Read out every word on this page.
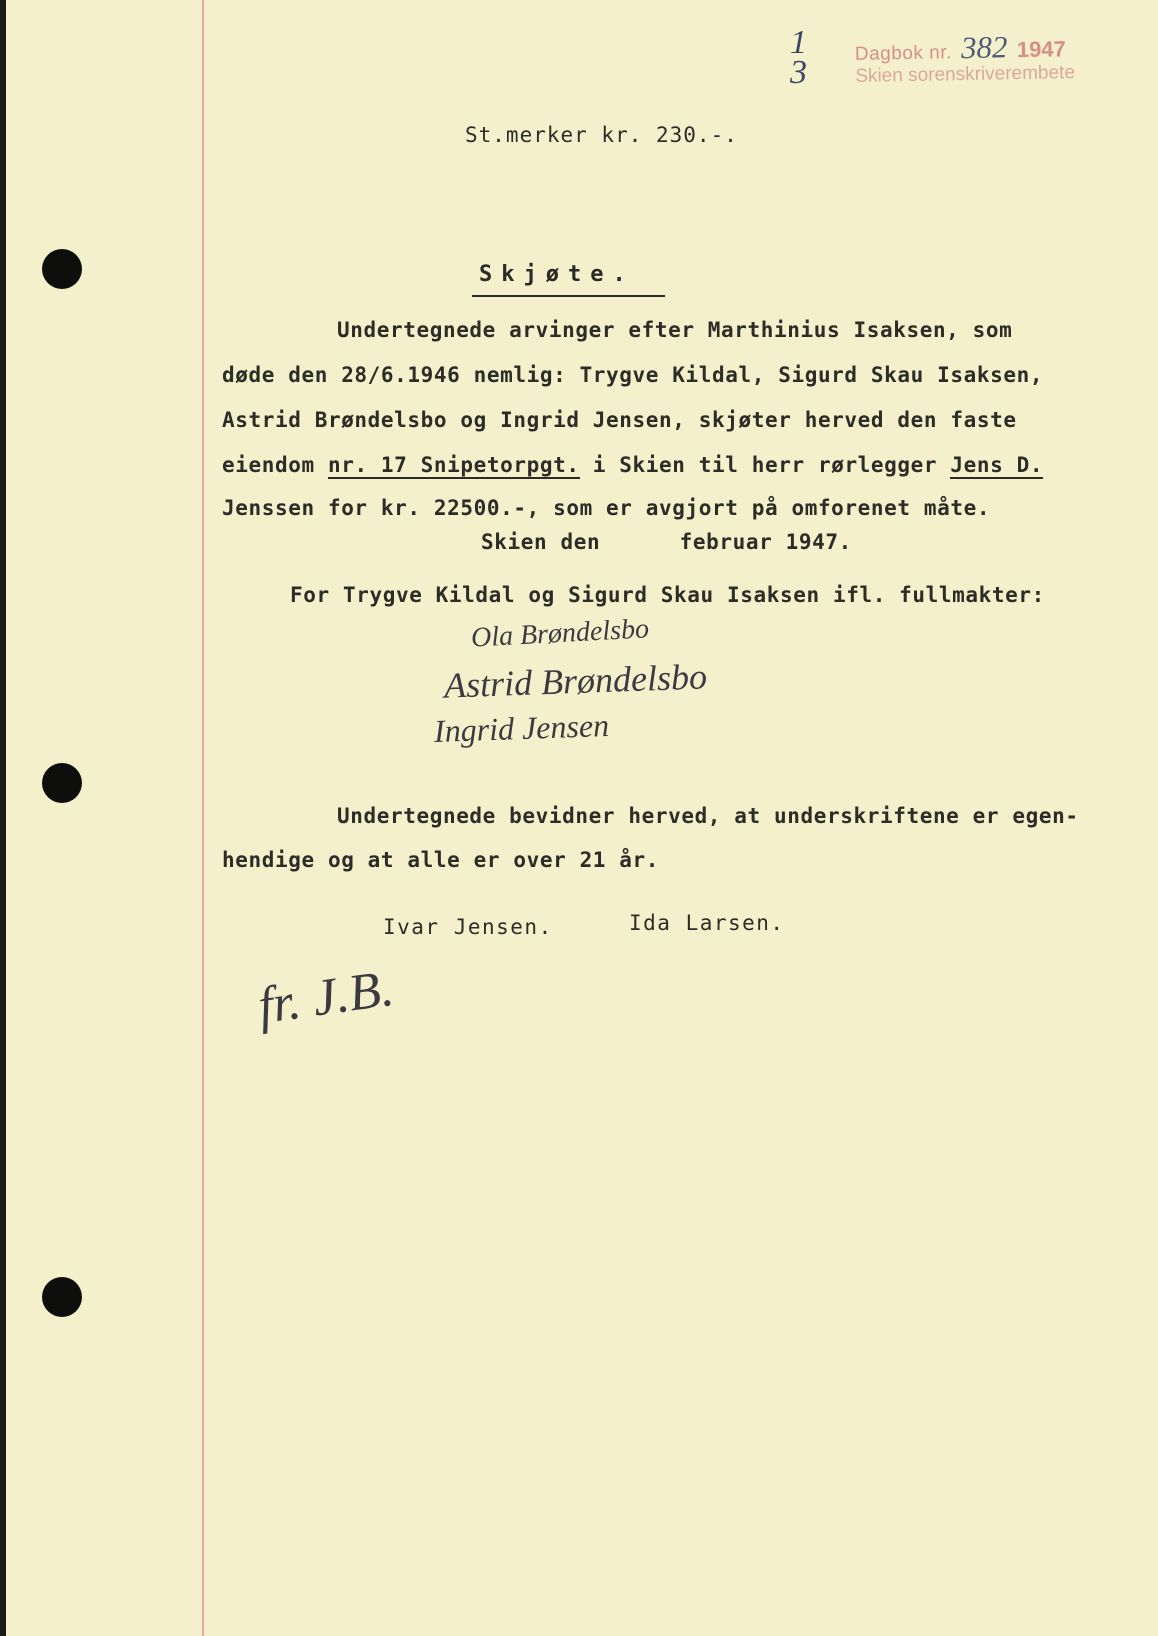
1
3
Dagbok nr. 382 1947
Skien sorenskriverembete
St.merker kr. 230.-.
Skjøte.
Undertegnede arvinger efter Marthinius Isaksen, som
døde den 28/6.1946 nemlig: Trygve Kildal, Sigurd Skau Isaksen,
Astrid Brøndelsbo og Ingrid Jensen, skjøter herved den faste
eiendom nr. 17 Snipetorpgt. i Skien til herr rørlegger Jens D.
Jenssen for kr. 22500.-, som er avgjort på omforenet måte.
Skien den      februar 1947.
For Trygve Kildal og Sigurd Skau Isaksen ifl. fullmakter:
Ola Brøndelsbo
Astrid Brøndelsbo
Ingrid Jensen
Undertegnede bevidner herved, at underskriftene er egen-
hendige og at alle er over 21 år.
Ivar Jensen.	Ida Larsen.
fr. J.B.
